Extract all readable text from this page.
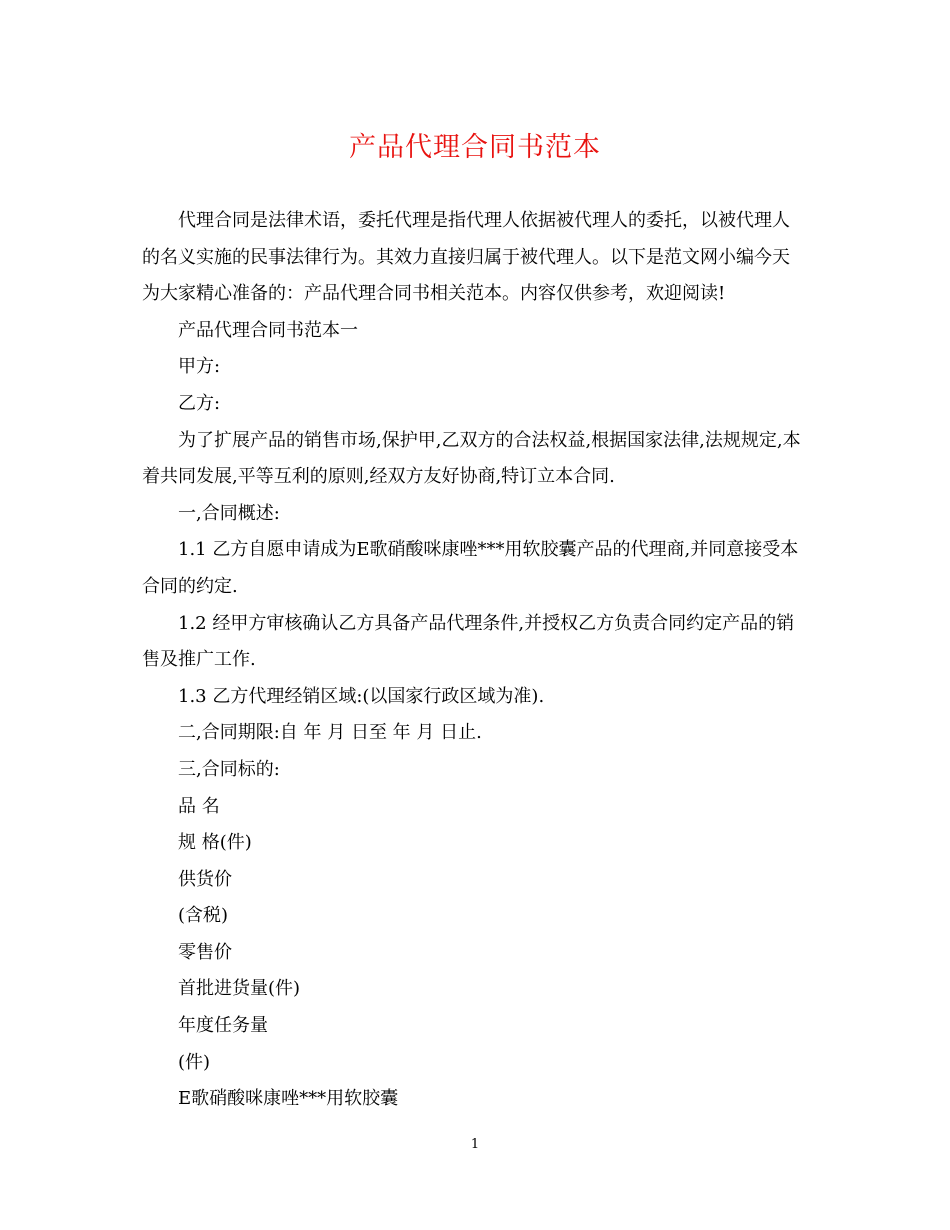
产品代理合同书范本

代理合同是法律术语，委托代理是指代理人依据被代理人的委托，以被代理人的名义实施的民事法律行为。其效力直接归属于被代理人。以下是范文网小编今天为大家精心准备的：产品代理合同书相关范本。内容仅供参考，欢迎阅读!

产品代理合同书范本一

甲方:

乙方:

为了扩展产品的销售市场,保护甲,乙双方的合法权益,根据国家法律,法规规定,本着共同发展,平等互利的原则,经双方友好协商,特订立本合同.

一,合同概述:

1.1 乙方自愿申请成为E歌硝酸咪康唑***用软胶囊产品的代理商,并同意接受本合同的约定.

1.2 经甲方审核确认乙方具备产品代理条件,并授权乙方负责合同约定产品的销售及推广工作.

1.3 乙方代理经销区域:(以国家行政区域为准).

二,合同期限:自 年 月 日至 年 月 日止.

三,合同标的:

品 名

规 格(件)

供货价

(含税)

零售价

首批进货量(件)

年度任务量

(件)

E歌硝酸咪康唑***用软胶囊

1
